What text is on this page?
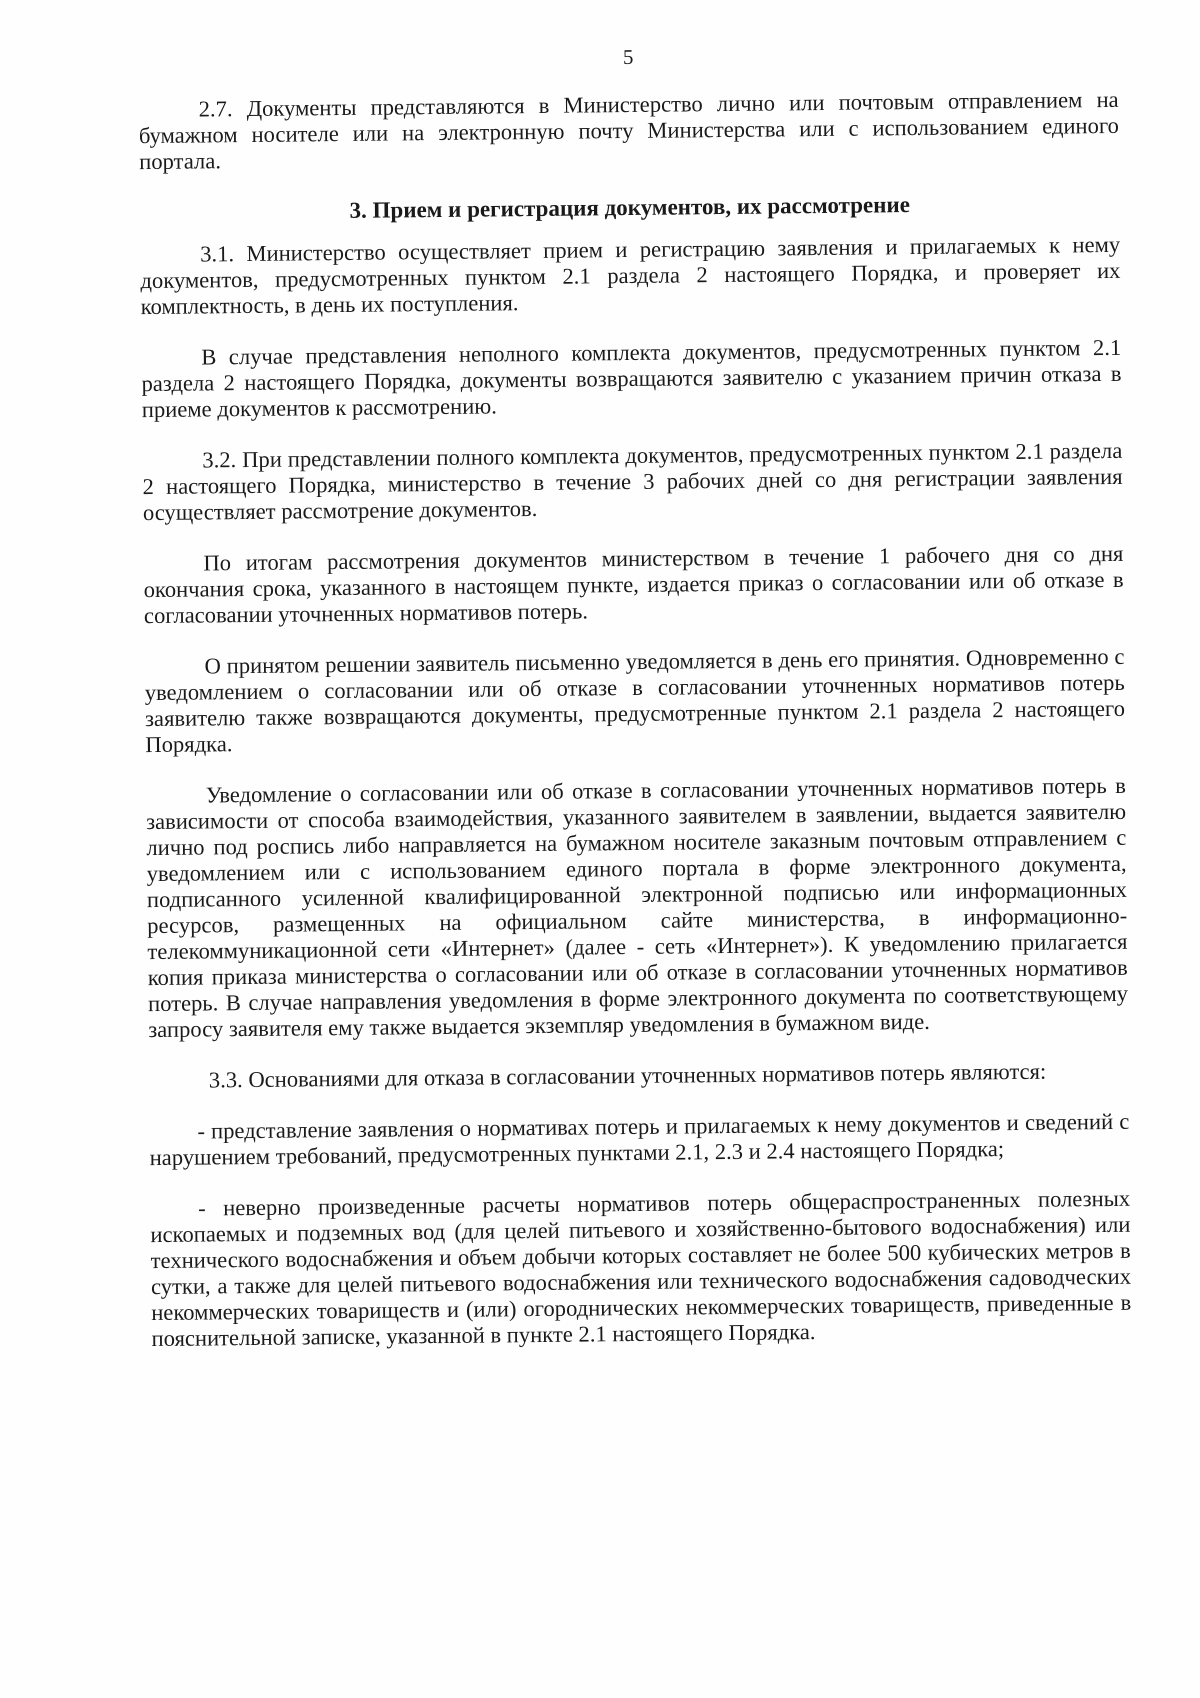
5

2.7. Документы представляются в Министерство лично или почтовым отправлением на бумажном носителе или на электронную почту Министерства или с использованием единого портала.

3. Прием и регистрация документов, их рассмотрение

3.1. Министерство осуществляет прием и регистрацию заявления и прилагаемых к нему документов, предусмотренных пунктом 2.1 раздела 2 настоящего Порядка, и проверяет их комплектность, в день их поступления.

В случае представления неполного комплекта документов, предусмотренных пунктом 2.1 раздела 2 настоящего Порядка, документы возвращаются заявителю с указанием причин отказа в приеме документов к рассмотрению.

3.2. При представлении полного комплекта документов, предусмотренных пунктом 2.1 раздела 2 настоящего Порядка, министерство в течение 3 рабочих дней со дня регистрации заявления осуществляет рассмотрение документов.

По итогам рассмотрения документов министерством в течение 1 рабочего дня со дня окончания срока, указанного в настоящем пункте, издается приказ о согласовании или об отказе в согласовании уточненных нормативов потерь.

О принятом решении заявитель письменно уведомляется в день его принятия. Одновременно с уведомлением о согласовании или об отказе в согласовании уточненных нормативов потерь заявителю также возвращаются документы, предусмотренные пунктом 2.1 раздела 2 настоящего Порядка.

Уведомление о согласовании или об отказе в согласовании уточненных нормативов потерь в зависимости от способа взаимодействия, указанного заявителем в заявлении, выдается заявителю лично под роспись либо направляется на бумажном носителе заказным почтовым отправлением с уведомлением или с использованием единого портала в форме электронного документа, подписанного усиленной квалифицированной электронной подписью или информационных ресурсов, размещенных на официальном сайте министерства, в информационно-телекоммуникационной сети «Интернет» (далее - сеть «Интернет»). К уведомлению прилагается копия приказа министерства о согласовании или об отказе в согласовании уточненных нормативов потерь. В случае направления уведомления в форме электронного документа по соответствующему запросу заявителя ему также выдается экземпляр уведомления в бумажном виде.

3.3. Основаниями для отказа в согласовании уточненных нормативов потерь являются:

- представление заявления о нормативах потерь и прилагаемых к нему документов и сведений с нарушением требований, предусмотренных пунктами 2.1, 2.3 и 2.4 настоящего Порядка;

- неверно произведенные расчеты нормативов потерь общераспространенных полезных ископаемых и подземных вод (для целей питьевого и хозяйственно-бытового водоснабжения) или технического водоснабжения и объем добычи которых составляет не более 500 кубических метров в сутки, а также для целей питьевого водоснабжения или технического водоснабжения садоводческих некоммерческих товариществ и (или) огороднических некоммерческих товариществ, приведенные в пояснительной записке, указанной в пункте 2.1 настоящего Порядка.
